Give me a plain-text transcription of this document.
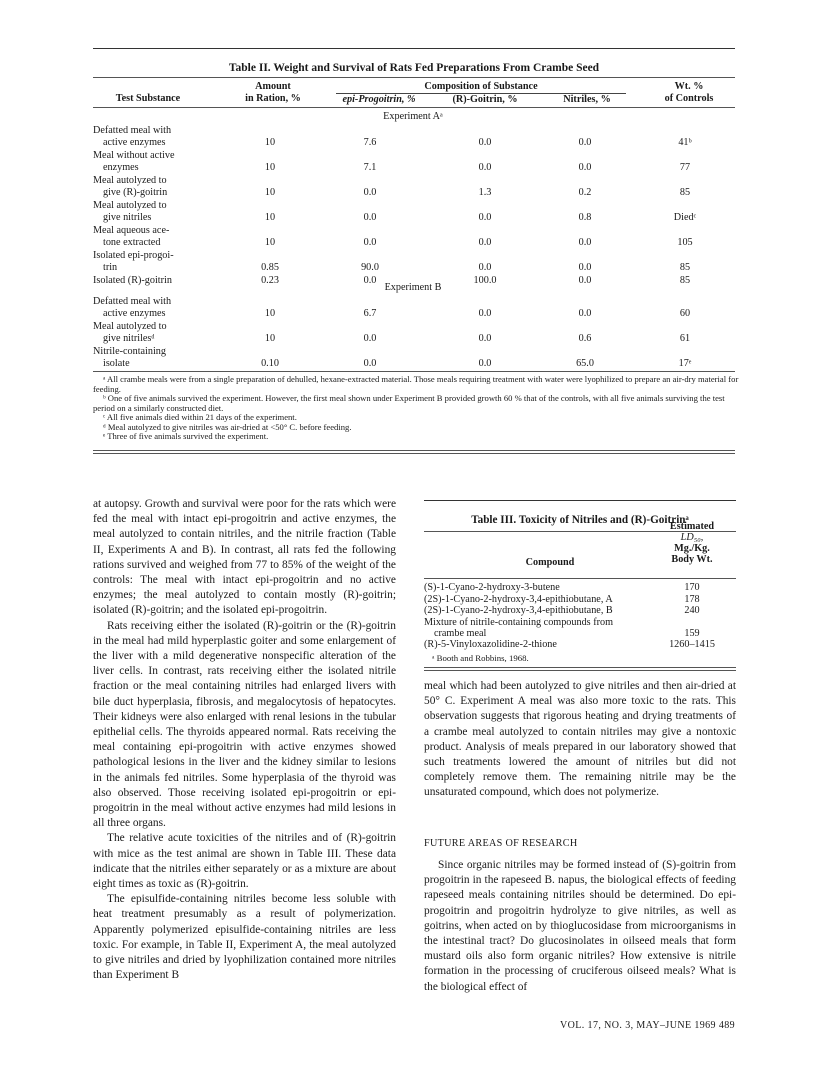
Table II. Weight and Survival of Rats Fed Preparations From Crambe Seed
Test Substance
Amount
in Ration, %
Composition of Substance
epi-Progoitrin, %	(R)-Goitrin, %	Nitriles, %
Wt. %
of Controls
Experiment Aᵃ
Defatted meal with
active enzymes	10	7.6	0.0	0.0	41ᵇ
Meal without active
enzymes	10	7.1	0.0	0.0	77
Meal autolyzed to
give (R)-goitrin	10	0.0	1.3	0.2	85
Meal autolyzed to
give nitriles	10	0.0	0.0	0.8	Diedᶜ
Meal aqueous ace-
tone extracted	10	0.0	0.0	0.0	105
Isolated epi-progoi-
trin	0.85	90.0	0.0	0.0	85
Isolated (R)-goitrin	0.23	0.0	100.0	0.0	85
Experiment B
Defatted meal with
active enzymes	10	6.7	0.0	0.0	60
Meal autolyzed to
give nitrilesᵈ	10	0.0	0.0	0.6	61
Nitrile-containing
isolate	0.10	0.0	0.0	65.0	17ᵉ
ᵃ All crambe meals were from a single preparation of dehulled, hexane-extracted material. Those meals requiring treatment with water were lyophilized to prepare an air-dry material for feeding.
ᵇ One of five animals survived the experiment. However, the first meal shown under Experiment B provided growth 60 % that of the controls, with all five animals surviving the test period on a similarly constructed diet.
ᶜ All five animals died within 21 days of the experiment.
ᵈ Meal autolyzed to give nitriles was air-dried at <50° C. before feeding.
ᵉ Three of five animals survived the experiment.

at autopsy. Growth and survival were poor for the rats which were fed the meal with intact epi-progoitrin and active enzymes, the meal autolyzed to contain nitriles, and the nitrile fraction (Table II, Experiments A and B). In contrast, all rats fed the following rations survived and weighed from 77 to 85% of the weight of the controls: The meal with intact epi-progoitrin and no active enzymes; the meal autolyzed to contain mostly (R)-goitrin; isolated (R)-goitrin; and the isolated epi-progoitrin.

Rats receiving either the isolated (R)-goitrin or the (R)-goitrin in the meal had mild hyperplastic goiter and some enlargement of the liver with a mild degenerative nonspecific alteration of the liver cells. In contrast, rats receiving either the isolated nitrile fraction or the meal containing nitriles had enlarged livers with bile duct hyperplasia, fibrosis, and megalocytosis of hepatocytes. Their kidneys were also enlarged with renal lesions in the tubular epithelial cells. The thyroids appeared normal. Rats receiving the meal containing epi-progoitrin with active enzymes showed pathological lesions in the liver and the kidney similar to lesions in the animals fed nitriles. Some hyperplasia of the thyroid was also observed. Those receiving isolated epi-progoitrin or epi-progoitrin in the meal without active enzymes had mild lesions in all three organs.

The relative acute toxicities of the nitriles and of (R)-goitrin with mice as the test animal are shown in Table III. These data indicate that the nitriles either separately or as a mixture are about eight times as toxic as (R)-goitrin.

The episulfide-containing nitriles become less soluble with heat treatment presumably as a result of polymerization. Apparently polymerized episulfide-containing nitriles are less toxic. For example, in Table II, Experiment A, the meal autolyzed to give nitriles and dried by lyophilization contained more nitriles than Experiment B

Table III. Toxicity of Nitriles and (R)-Goitrinᵃ
Compound
Estimated
LD₅₀,
Mg./Kg.
Body Wt.
(S)-1-Cyano-2-hydroxy-3-butene	170
(2S)-1-Cyano-2-hydroxy-3,4-epithiobutane, A	178
(2S)-1-Cyano-2-hydroxy-3,4-epithiobutane, B	240
Mixture of nitrile-containing compounds from
crambe meal	159
(R)-5-Vinyloxazolidine-2-thione	1260–1415
ᵃ Booth and Robbins, 1968.

meal which had been autolyzed to give nitriles and then air-dried at 50° C. Experiment A meal was also more toxic to the rats. This observation suggests that rigorous heating and drying treatments of a crambe meal autolyzed to contain nitriles may give a nontoxic product. Analysis of meals prepared in our laboratory showed that such treatments lowered the amount of nitriles but did not completely remove them. The remaining nitrile may be the unsaturated compound, which does not polymerize.

FUTURE AREAS OF RESEARCH

Since organic nitriles may be formed instead of (S)-goitrin from progoitrin in the rapeseed B. napus, the biological effects of feeding rapeseed meals containing nitriles should be determined. Do epi-progoitrin and progoitrin hydrolyze to give nitriles, as well as goitrins, when acted on by thioglucosidase from microorganisms in the intestinal tract? Do glucosinolates in oilseed meals that form mustard oils also form organic nitriles? How extensive is nitrile formation in the processing of cruciferous oilseed meals? What is the biological effect of

VOL. 17, NO. 3, MAY–JUNE 1969 489
